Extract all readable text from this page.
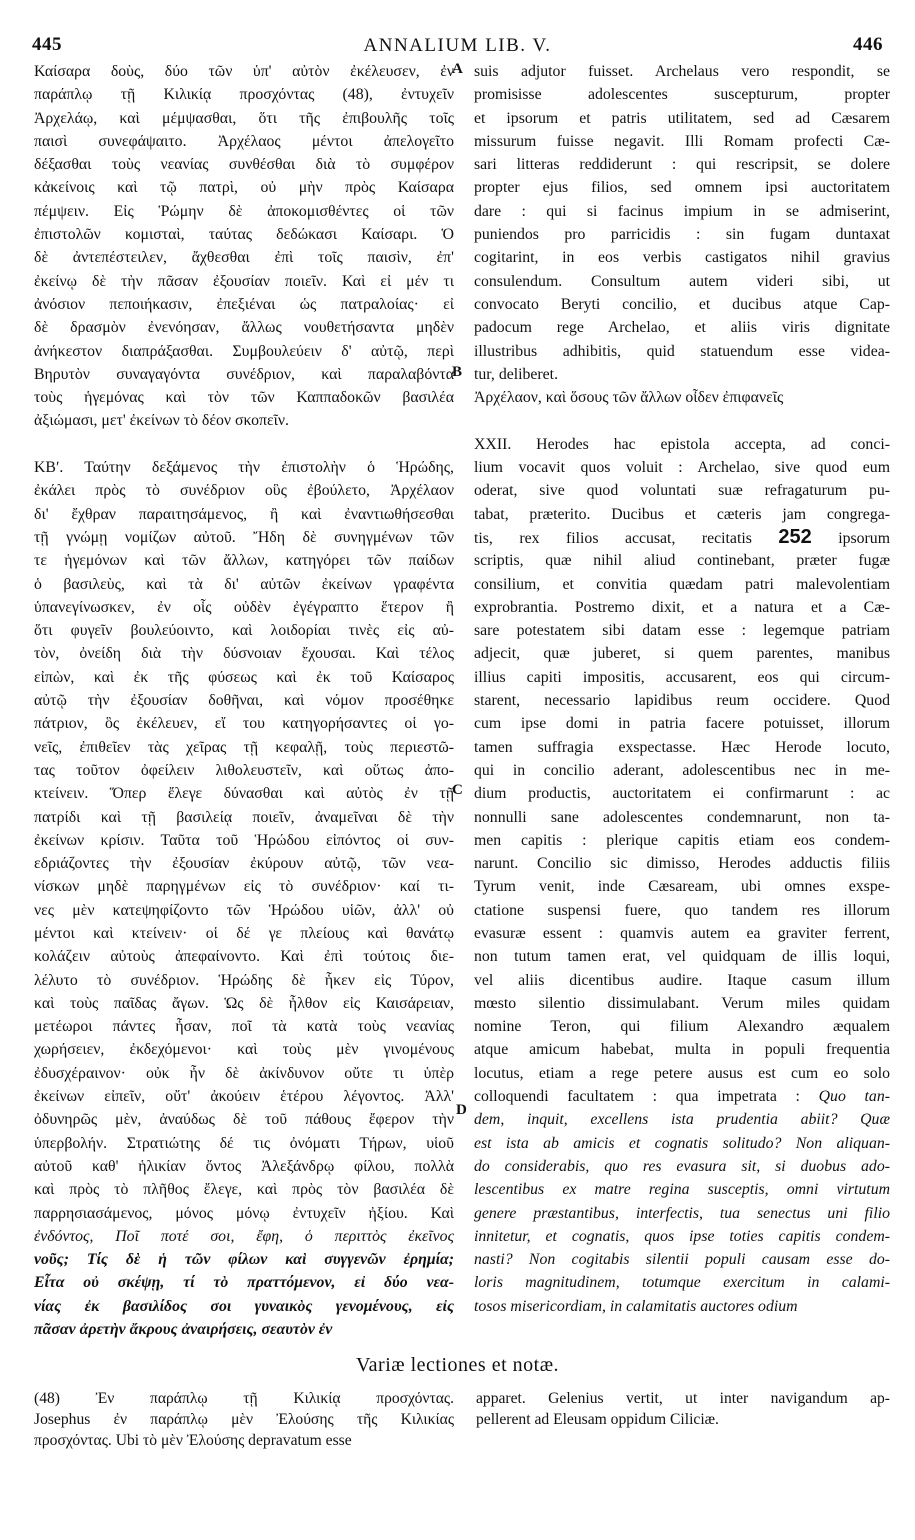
445	ANNALIUM LIB. V.	446
Καίσαρα δοὺς, δύο τῶν ὑπ' αὐτὸν ἐκέλευσεν, ἐν
παράπλῳ τῇ Κιλικίᾳ προσχόντας (48), ἐντυχεῖν
Ἀρχελάῳ, καὶ μέμψασθαι, ὅτι τῆς ἐπιβουλῆς τοῖς
παισὶ συνεφάψαιτο. Ἀρχέλαος μέντοι ἀπελογεῖτο
δέξασθαι τοὺς νεανίας συνθέσθαι διὰ τὸ συμφέρον
κἀκείνοις καὶ τῷ πατρὶ, οὐ μὴν πρὸς Καίσαρα
πέμψειν. Εἰς Ῥώμην δὲ ἀποκομισθέντες οἱ τῶν
ἐπιστολῶν κομισταὶ, ταύτας δεδώκασι Καίσαρι. Ὁ
δὲ ἀντεπέστειλεν, ἄχθεσθαι ἐπὶ τοῖς παισὶν, ἐπ'
ἐκείνῳ δὲ τὴν πᾶσαν ἐξουσίαν ποιεῖν. Καὶ εἰ μέν τι
ἀνόσιον πεποιήκασιν, ἐπεξιέναι ὡς πατραλοίας· εἰ
δὲ δρασμὸν ἐνενόησαν, ἄλλως νουθετήσαντα μηδὲν
ἀνήκεστον διαπράξασθαι. Συμβουλεύειν δ' αὐτῷ, περὶ
Βηρυτὸν συναγαγόντα συνέδριον, καὶ παραλαβόντα
τοὺς ἡγεμόνας καὶ τὸν τῶν Καππαδοκῶν βασιλέα
ἀξιώμασι, μετ' ἐκείνων τὸ δέον σκοπεῖν.
ΚΒʹ. Ταύτην δεξάμενος τὴν ἐπιστολὴν ὁ Ἡρώδης,
ἐκάλει πρὸς τὸ συνέδριον οὓς ἐβούλετο, Ἀρχέλαον
δι' ἔχθραν παραιτησάμενος, ἢ καὶ ἐναντιωθήσεσθαι
τῇ γνώμῃ νομίζων αὐτοῦ. Ἤδη δὲ συνηγμένων τῶν
τε ἡγεμόνων καὶ τῶν ἄλλων, κατηγόρει τῶν παίδων
ὁ βασιλεὺς, καὶ τὰ δι' αὐτῶν ἐκείνων γραφέντα
ὑπανεγίνωσκεν, ἐν οἷς οὐδὲν ἐγέγραπτο ἕτερον ἢ
ὅτι φυγεῖν βουλεύοιντο, καὶ λοιδορίαι τινὲς εἰς αὐ-
τὸν, ὀνείδη διὰ τὴν δύσνοιαν ἔχουσαι. Καὶ τέλος
εἰπὼν, καὶ ἐκ τῆς φύσεως καὶ ἐκ τοῦ Καίσαρος
αὐτῷ τὴν ἐξουσίαν δοθῆναι, καὶ νόμον προσέθηκε
πάτριον, ὃς ἐκέλευεν, εἴ του κατηγορήσαντες οἱ γο-
νεῖς, ἐπιθεῖεν τὰς χεῖρας τῇ κεφαλῇ, τοὺς περιεστῶ-
τας τοῦτον ὀφείλειν λιθολευστεῖν, καὶ οὕτως ἀπο-
κτείνειν. Ὅπερ ἔλεγε δύνασθαι καὶ αὐτὸς ἐν τῇ
πατρίδι καὶ τῇ βασιλείᾳ ποιεῖν, ἀναμεῖναι δὲ τὴν
ἐκείνων κρίσιν. Ταῦτα τοῦ Ἡρώδου εἰπόντος οἱ συν-
εδριάζοντες τὴν ἐξουσίαν ἐκύρουν αὐτῷ, τῶν νεα-
νίσκων μηδὲ παρηγμένων εἰς τὸ συνέδριον· καί τι-
νες μὲν κατεψηφίζοντο τῶν Ἡρώδου υἱῶν, ἀλλ' οὐ
μέντοι καὶ κτείνειν· οἱ δέ γε πλείους καὶ θανάτῳ
κολάζειν αὐτοὺς ἀπεφαίνοντο. Καὶ ἐπὶ τούτοις διε-
λέλυτο τὸ συνέδριον. Ἡρώδης δὲ ἧκεν εἰς Τύρον,
καὶ τοὺς παῖδας ἄγων. Ὡς δὲ ἦλθον εἰς Καισάρειαν,
μετέωροι πάντες ἦσαν, ποῖ τὰ κατὰ τοὺς νεανίας
χωρήσειεν, ἐκδεχόμενοι· καὶ τοὺς μὲν γινομένους
ἐδυσχέραινον· οὐκ ἦν δὲ ἀκίνδυνον οὔτε τι ὑπὲρ
ἐκείνων εἰπεῖν, οὔτ' ἀκούειν ἑτέρου λέγοντος. Ἀλλ'
ὀδυνηρῶς μὲν, ἀναύδως δὲ τοῦ πάθους ἔφερον τὴν
ὑπερβολήν. Στρατιώτης δέ τις ὀνόματι Τήρων, υἱοῦ
αὐτοῦ καθ' ἡλικίαν ὄντος Ἀλεξάνδρῳ φίλου, πολλὰ
καὶ πρὸς τὸ πλῆθος ἔλεγε, καὶ πρὸς τὸν βασιλέα δὲ
παρρησιασάμενος, μόνος μόνῳ ἐντυχεῖν ἠξίου. Καὶ
ἐνδόντος, Ποῖ ποτέ σοι, ἔφη, ὁ περιττὸς ἐκεῖνος
νοῦς; Τίς δὲ ἡ τῶν φίλων καὶ συγγενῶν ἐρημία;
Εἶτα οὐ σκέψῃ, τί τὸ πραττόμενον, εἰ δύο νεα-
νίας ἐκ βασιλίδος σοι γυναικὸς γενομένους, εἰς
πᾶσαν ἀρετὴν ἄκρους ἀναιρήσεις, σεαυτὸν ἐν
suis adjutor fuisset. Archelaus vero respondit, se
promisisse adolescentes suscepturum, propter
et ipsorum et patris utilitatem, sed ad Cæsarem
missurum fuisse negavit. Illi Romam profecti Cæ-
sari litteras reddiderunt : qui rescripsit, se dolere
propter ejus filios, sed omnem ipsi auctoritatem
dare : qui si facinus impium in se admiserint,
puniendos pro parricidis : sin fugam duntaxat
cogitarint, in eos verbis castigatos nihil gravius
consulendum. Consultum autem videri sibi, ut
convocato Beryti concilio, et ducibus atque Cap-
padocum rege Archelao, et aliis viris dignitate
illustribus adhibitis, quid statuendum esse videa-
tur, deliberet.
Ἀρχέλαον, καὶ ὅσους τῶν ἄλλων οἶδεν ἐπιφανεῖς
XXII. Herodes hac epistola accepta, ad conci-
lium vocavit quos voluit : Archelao, sive quod eum
oderat, sive quod voluntati suæ refragaturum pu-
tabat, præterito. Ducibus et cæteris jam congrega-
tis, rex filios accusat, recitatis 252 ipsorum
scriptis, quæ nihil aliud continebant, præter fugæ
consilium, et convitia quædam patri malevolentiam
exprobrantia. Postremo dixit, et a natura et a Cæ-
sare potestatem sibi datam esse : legemque patriam
adjecit, quæ juberet, si quem parentes, manibus
illius capiti impositis, accusarent, eos qui circum-
starent, necessario lapidibus reum occidere. Quod
cum ipse domi in patria facere potuisset, illorum
tamen suffragia exspectasse. Hæc Herode locuto,
qui in concilio aderant, adolescentibus nec in me-
dium productis, auctoritatem ei confirmarunt : ac
nonnulli sane adolescentes condemnarunt, non ta-
men capitis : plerique capitis etiam eos condem-
narunt. Concilio sic dimisso, Herodes adductis filiis
Tyrum venit, inde Cæsaream, ubi omnes exspe-
ctatione suspensi fuere, quo tandem res illorum
evasuræ essent : quamvis autem ea graviter ferrent,
non tutum tamen erat, vel quidquam de illis loqui,
vel aliis dicentibus audire. Itaque casum illum
mœsto silentio dissimulabant. Verum miles quidam
nomine Teron, qui filium Alexandro æqualem
atque amicum habebat, multa in populi frequentia
locutus, etiam a rege petere ausus est cum eo solo
colloquendi facultatem : qua impetrata : Quo tan-
dem, inquit, excellens ista prudentia abiit? Quæ
est ista ab amicis et cognatis solitudo? Non aliquan-
do considerabis, quo res evasura sit, si duobus ado-
lescentibus ex matre regina susceptis, omni virtutum
genere præstantibus, interfectis, tua senectus uni filio
innitetur, et cognatis, quos ipse toties capitis condem-
nasti? Non cogitabis silentii populi causam esse do-
loris magnitudinem, totumque exercitum in calami-
tosos misericordiam, in calamitatis auctores odium
A
B
C
D
Variæ lectiones et notæ.
(48) Ἐν παράπλῳ τῇ Κιλικίᾳ προσχόντας.
Josephus ἐν παράπλῳ μὲν Ἐλούσης τῆς Κιλικίας
προσχόντας. Ubi τὸ μὲν Ἐλούσης depravatum esse
apparet. Gelenius vertit, ut inter navigandum ap-
pellerent ad Eleusam oppidum Ciliciæ.
